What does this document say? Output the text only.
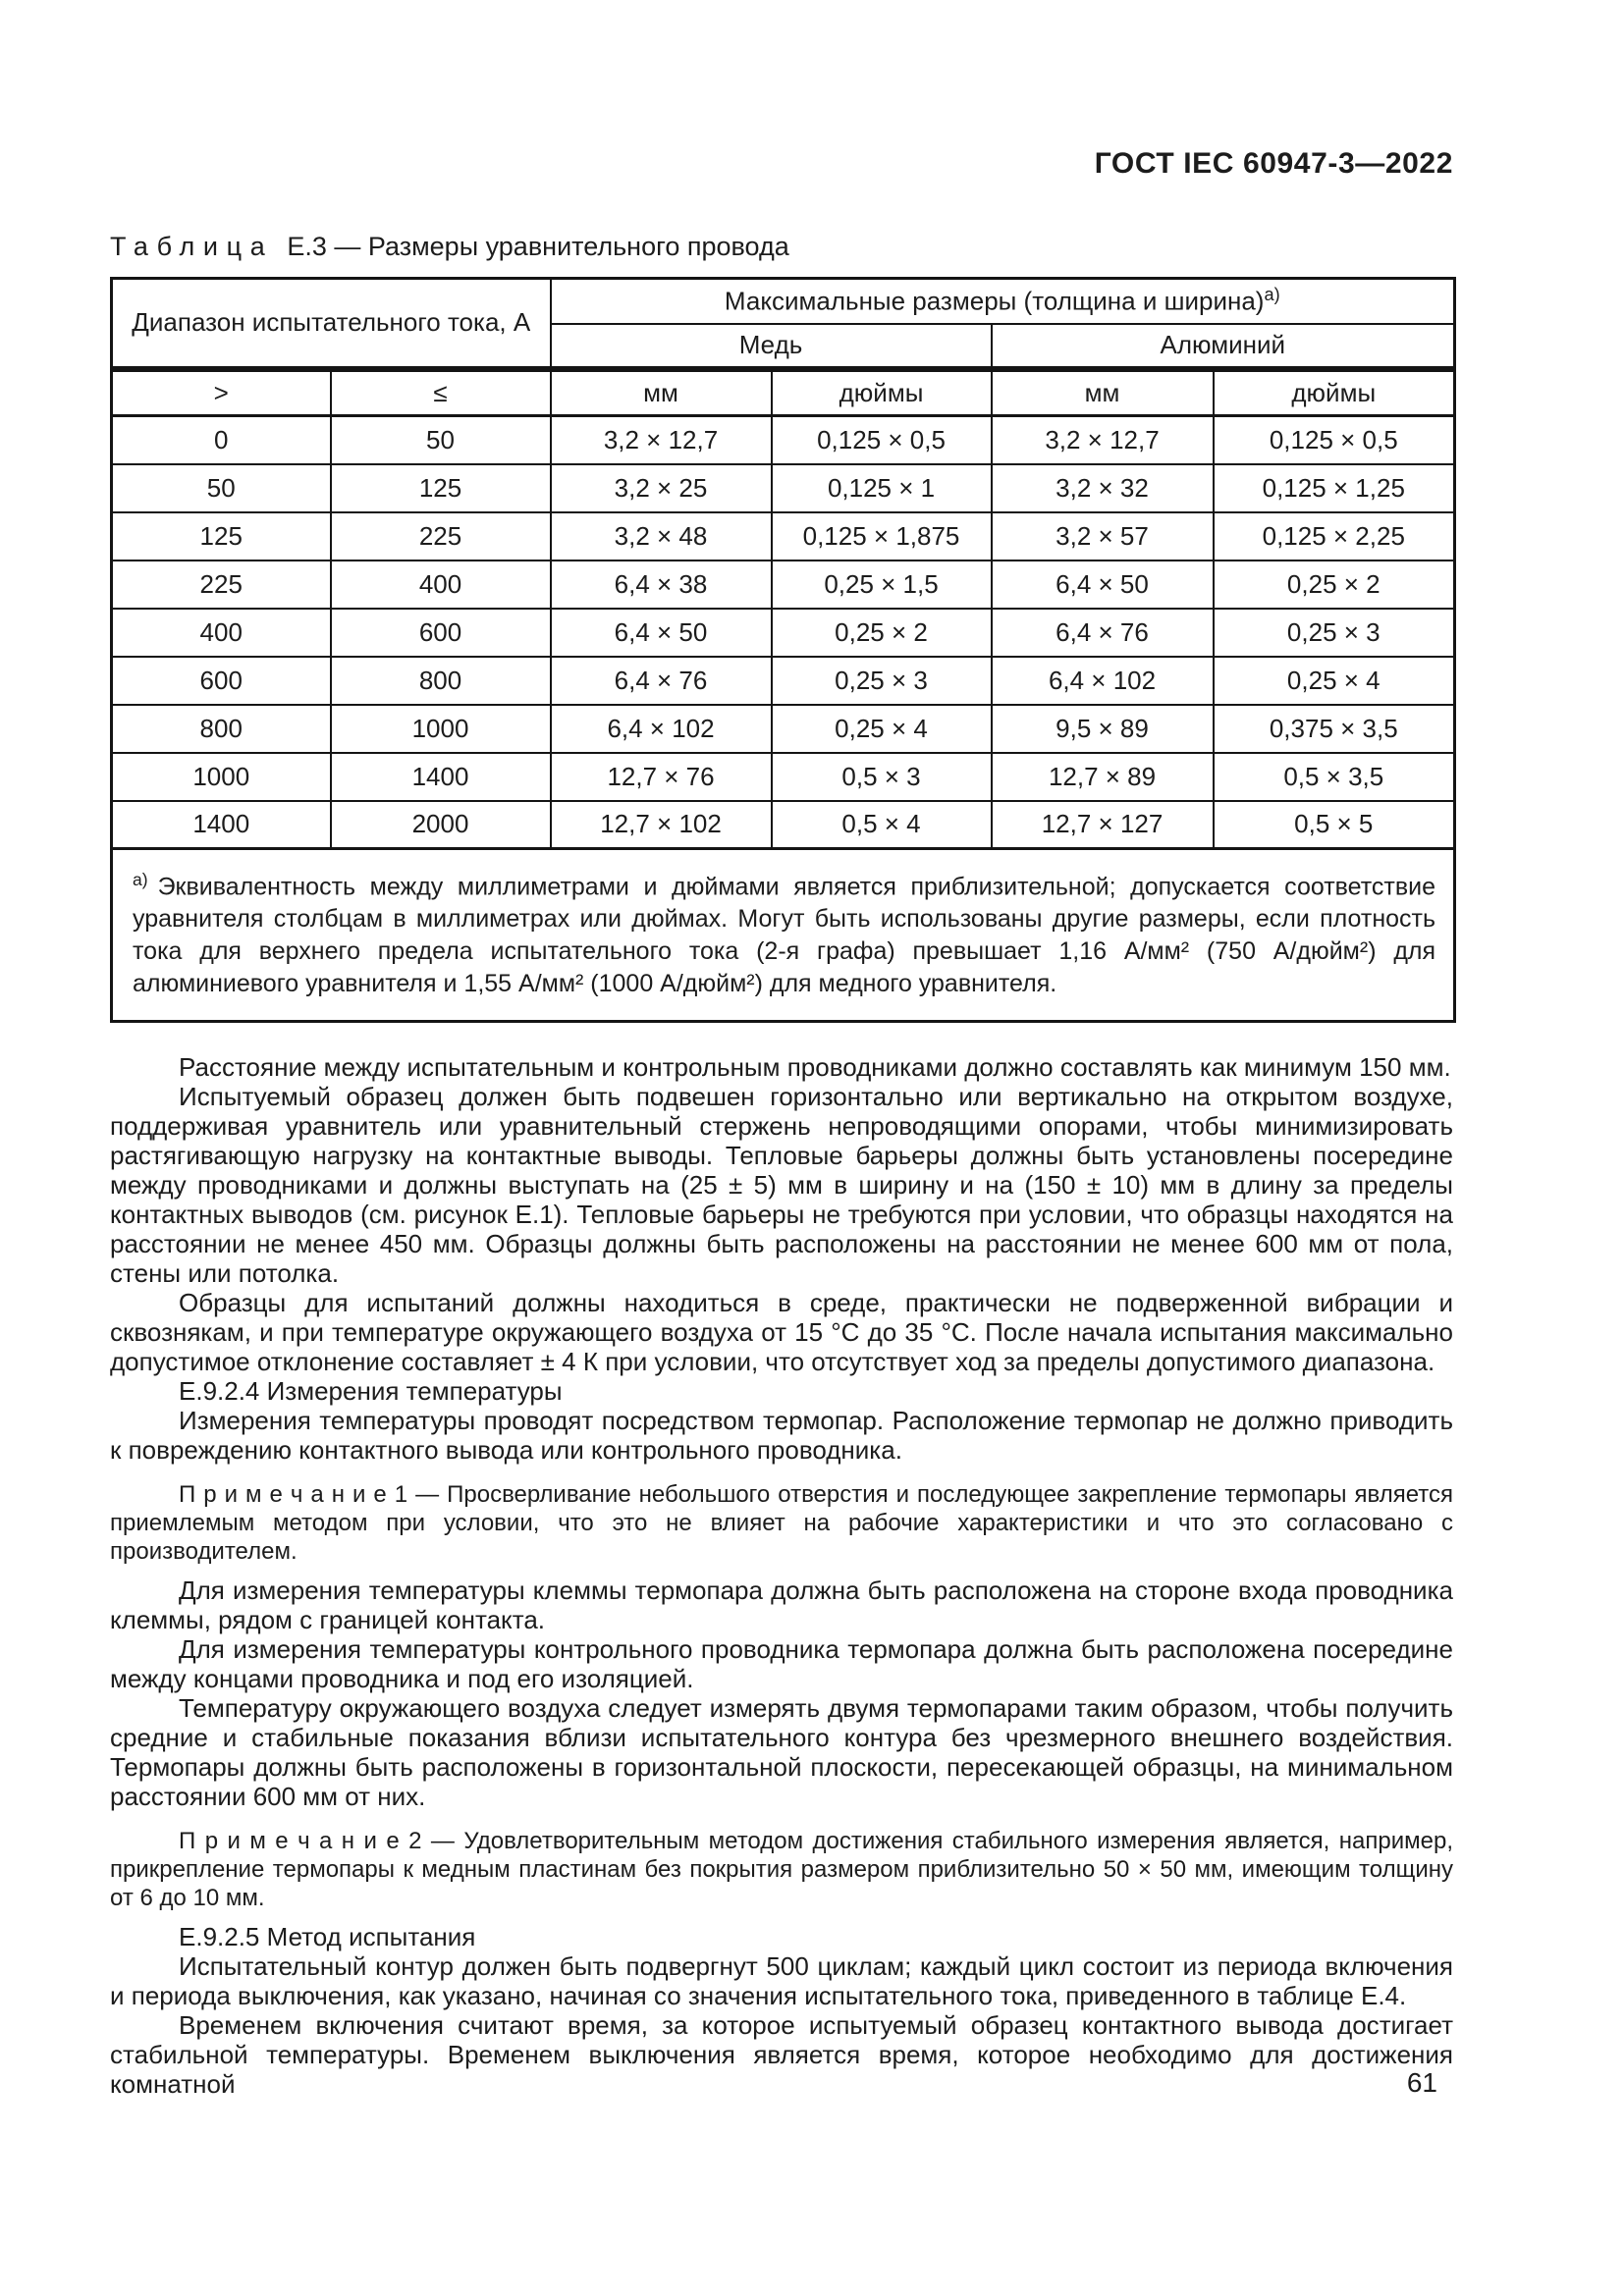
ГОСТ IEC 60947-3—2022
Таблица Е.3 — Размеры уравнительного провода
Диапазон испытательного тока, А		Максимальные размеры (толщина и ширина)$^{а)}$
		Медь		Алюминий	
>	≤	мм	дюймы	мм	дюймы
0	50	3,2 × 12,7	0,125 × 0,5	3,2 × 12,7	0,125 × 0,5
50	125	3,2 × 25	0,125 × 1	3,2 × 32	0,125 × 1,25
125	225	3,2 × 48	0,125 × 1,875	3,2 × 57	0,125 × 2,25
225	400	6,4 × 38	0,25 × 1,5	6,4 × 50	0,25 × 2
400	600	6,4 × 50	0,25 × 2	6,4 × 76	0,25 × 3
600	800	6,4 × 76	0,25 × 3	6,4 × 102	0,25 × 4
800	1000	6,4 × 102	0,25 × 4	9,5 × 89	0,375 × 3,5
1000	1400	12,7 × 76	0,5 × 3	12,7 × 89	0,5 × 3,5
1400	2000	12,7 × 102	0,5 × 4	12,7 × 127	0,5 × 5
$^{а)}$ Эквивалентность между миллиметрами и дюймами является приблизительной; допускается соответствие уравнителя столбцам в миллиметрах или дюймах. Могут быть использованы другие размеры, если плотность тока для верхнего предела испытательного тока (2-я графа) превышает 1,16 А/мм² (750 А/дюйм²) для алюминиевого уравнителя и 1,55 А/мм² (1000 А/дюйм²) для медного уравнителя.					

Расстояние между испытательным и контрольным проводниками должно составлять как минимум 150 мм.

Испытуемый образец должен быть подвешен горизонтально или вертикально на открытом воздухе, поддерживая уравнитель или уравнительный стержень непроводящими опорами, чтобы минимизировать растягивающую нагрузку на контактные выводы. Тепловые барьеры должны быть установлены посередине между проводниками и должны выступать на (25 ± 5) мм в ширину и на (150 ± 10) мм в длину за пределы контактных выводов (см. рисунок Е.1). Тепловые барьеры не требуются при условии, что образцы находятся на расстоянии не менее 450 мм. Образцы должны быть расположены на расстоянии не менее 600 мм от пола, стены или потолка.

Образцы для испытаний должны находиться в среде, практически не подверженной вибрации и сквознякам, и при температуре окружающего воздуха от 15 °С до 35 °С. После начала испытания максимально допустимое отклонение составляет ± 4 К при условии, что отсутствует ход за пределы допустимого диапазона.

Е.9.2.4 Измерения температуры

Измерения температуры проводят посредством термопар. Расположение термопар не должно приводить к повреждению контактного вывода или контрольного проводника.

П р и м е ч а н и е 1 — Просверливание небольшого отверстия и последующее закрепление термопары является приемлемым методом при условии, что это не влияет на рабочие характеристики и что это согласовано с производителем.

Для измерения температуры клеммы термопара должна быть расположена на стороне входа проводника клеммы, рядом с границей контакта.

Для измерения температуры контрольного проводника термопара должна быть расположена посередине между концами проводника и под его изоляцией.

Температуру окружающего воздуха следует измерять двумя термопарами таким образом, чтобы получить средние и стабильные показания вблизи испытательного контура без чрезмерного внешнего воздействия. Термопары должны быть расположены в горизонтальной плоскости, пересекающей образцы, на минимальном расстоянии 600 мм от них.

П р и м е ч а н и е 2 — Удовлетворительным методом достижения стабильного измерения является, например, прикрепление термопары к медным пластинам без покрытия размером приблизительно 50 × 50 мм, имеющим толщину от 6 до 10 мм.

Е.9.2.5 Метод испытания

Испытательный контур должен быть подвергнут 500 циклам; каждый цикл состоит из периода включения и периода выключения, как указано, начиная со значения испытательного тока, приведенного в таблице Е.4.

Временем включения считают время, за которое испытуемый образец контактного вывода достигает стабильной температуры. Временем выключения является время, которое необходимо для достижения комнатной	61
